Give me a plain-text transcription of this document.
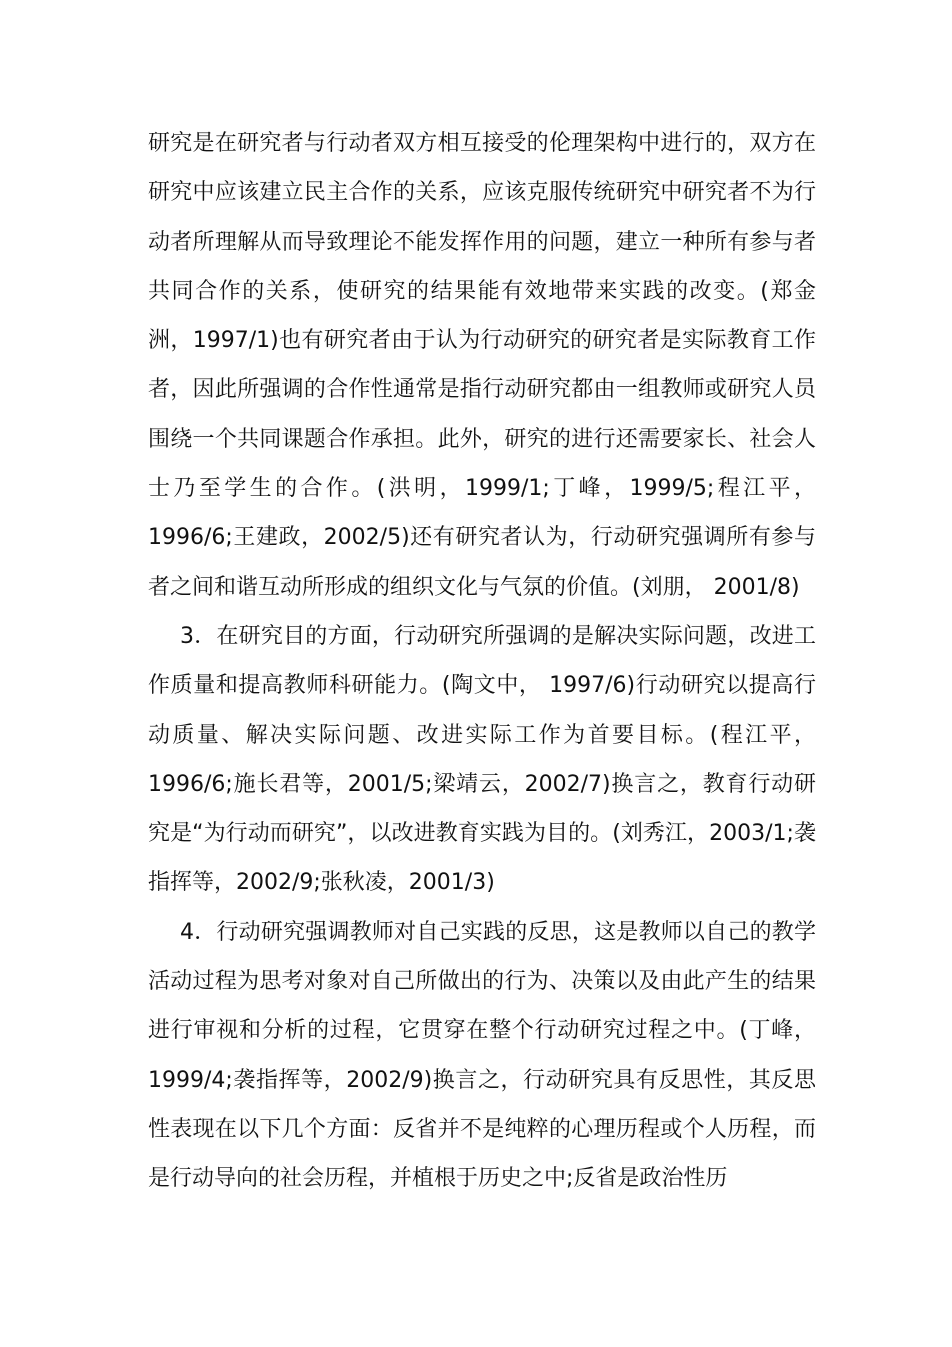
研究是在研究者与行动者双方相互接受的伦理架构中进行的，双方在研究中应该建立民主合作的关系，应该克服传统研究中研究者不为行动者所理解从而导致理论不能发挥作用的问题，建立一种所有参与者共同合作的关系，使研究的结果能有效地带来实践的改变。(郑金洲，1997/1)也有研究者由于认为行动研究的研究者是实际教育工作者，因此所强调的合作性通常是指行动研究都由一组教师或研究人员围绕一个共同课题合作承担。此外，研究的进行还需要家长、社会人士乃至学生的合作。(洪明，1999/1;丁峰，1999/5;程江平，1996/6;王建政，2002/5)还有研究者认为，行动研究强调所有参与者之间和谐互动所形成的组织文化与气氛的价值。(刘朋， 2001/8)

3．在研究目的方面，行动研究所强调的是解决实际问题，改进工作质量和提高教师科研能力。(陶文中， 1997/6)行动研究以提高行动质量、解决实际问题、改进实际工作为首要目标。(程江平，1996/6;施长君等，2001/5;梁靖云，2002/7)换言之，教育行动研究是“为行动而研究”，以改进教育实践为目的。(刘秀江，2003/1;袭指挥等，2002/9;张秋凌，2001/3)

4．行动研究强调教师对自己实践的反思，这是教师以自己的教学活动过程为思考对象对自己所做出的行为、决策以及由此产生的结果进行审视和分析的过程，它贯穿在整个行动研究过程之中。(丁峰，1999/4;袭指挥等，2002/9)换言之，行动研究具有反思性，其反思性表现在以下几个方面：反省并不是纯粹的心理历程或个人历程，而是行动导向的社会历程，并植根于历史之中;反省是政治性历
